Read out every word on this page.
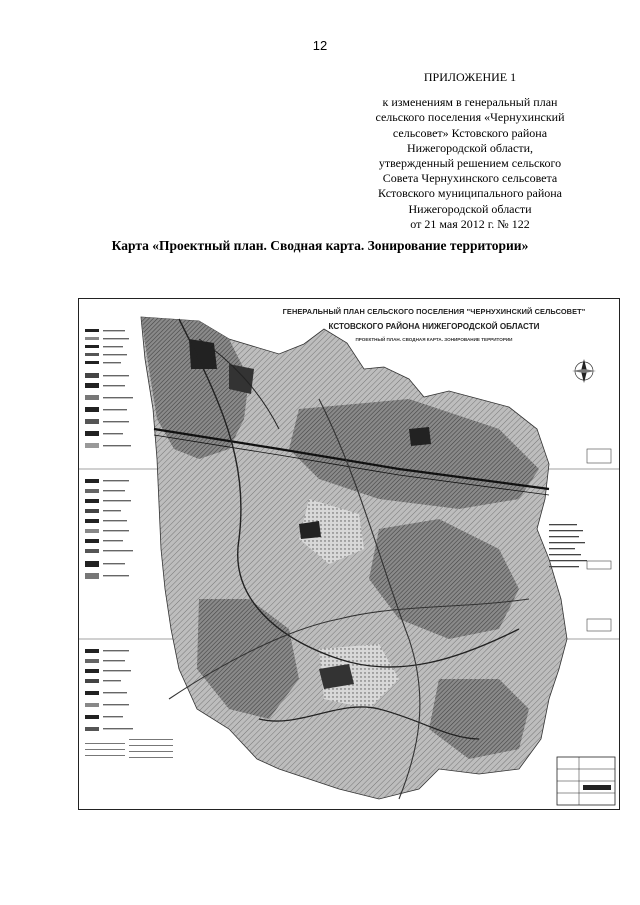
12
ПРИЛОЖЕНИЕ 1
к изменениям в генеральный план
сельского поселения «Чернухинский
сельсовет» Кстовского района
Нижегородской области,
утвержденный решением сельского
Совета Чернухинского сельсовета
Кстовского муниципального района
Нижегородской области
от 21 мая 2012 г. № 122
Карта «Проектный план. Сводная карта. Зонирование территории»
ГЕНЕРАЛЬНЫЙ ПЛАН СЕЛЬСКОГО ПОСЕЛЕНИЯ "ЧЕРНУХИНСКИЙ СЕЛЬСОВЕТ"
КСТОВСКОГО РАЙОНА НИЖЕГОРОДСКОЙ ОБЛАСТИ
ПРОЕКТНЫЙ ПЛАН. СВОДНАЯ КАРТА. ЗОНИРОВАНИЕ ТЕРРИТОРИИ
